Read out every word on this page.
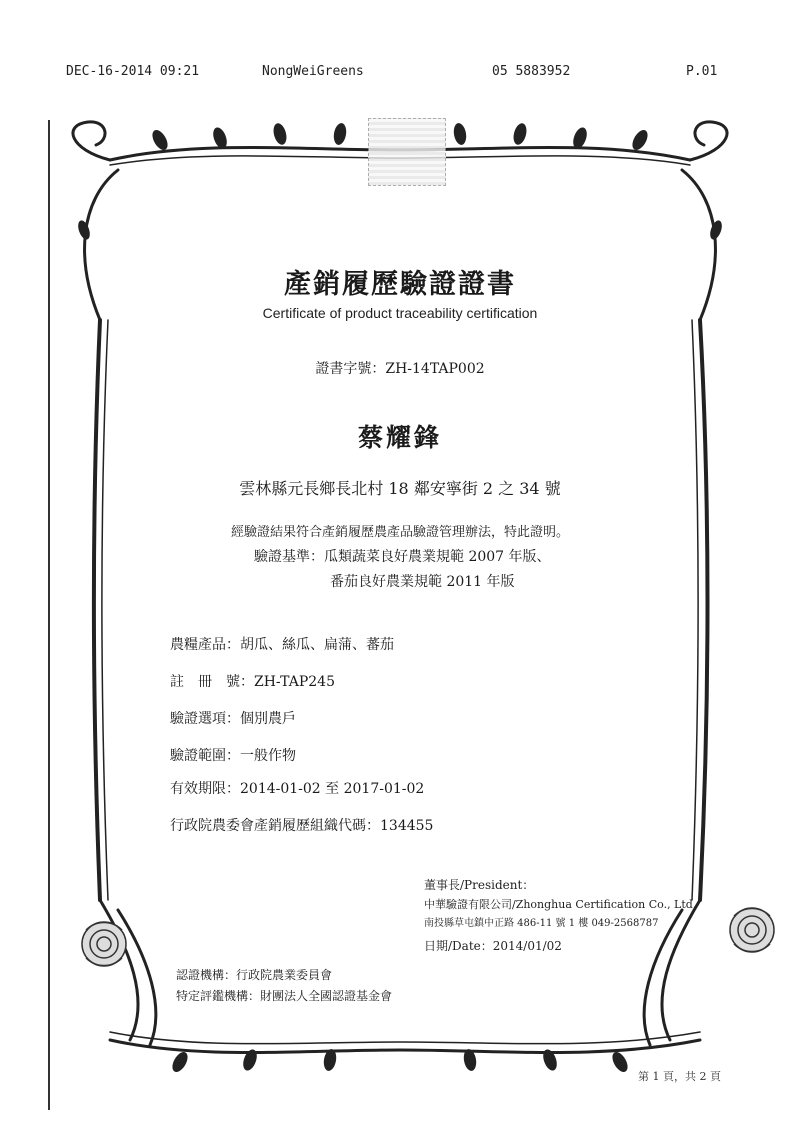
DEC-16-2014 09:21	NongWeiGreens	05 5883952	P.01
產銷履歷驗證證書
Certificate of product traceability certification
證書字號：ZH-14TAP002
蔡耀鋒
雲林縣元長鄉長北村 18 鄰安寧街 2 之 34 號
經驗證結果符合產銷履歷農產品驗證管理辦法，特此證明。
驗證基準：瓜類蔬菜良好農業規範 2007 年版、
番茄良好農業規範 2011 年版
農糧產品：胡瓜、絲瓜、扁蒲、蕃茄
註　冊　號：ZH-TAP245
驗證選項：個別農戶
驗證範圍：一般作物
有效期限：2014-01-02 至 2017-01-02
行政院農委會產銷履歷組織代碼：134455
董事長/President：
中華驗證有限公司/Zhonghua Certification Co., Ltd.
南投縣草屯鎮中正路 486-11 號 1 樓 049-2568787
日期/Date：2014/01/02
認證機構：行政院農業委員會
特定評鑑機構：財團法人全國認證基金會
第 1 頁，共 2 頁
